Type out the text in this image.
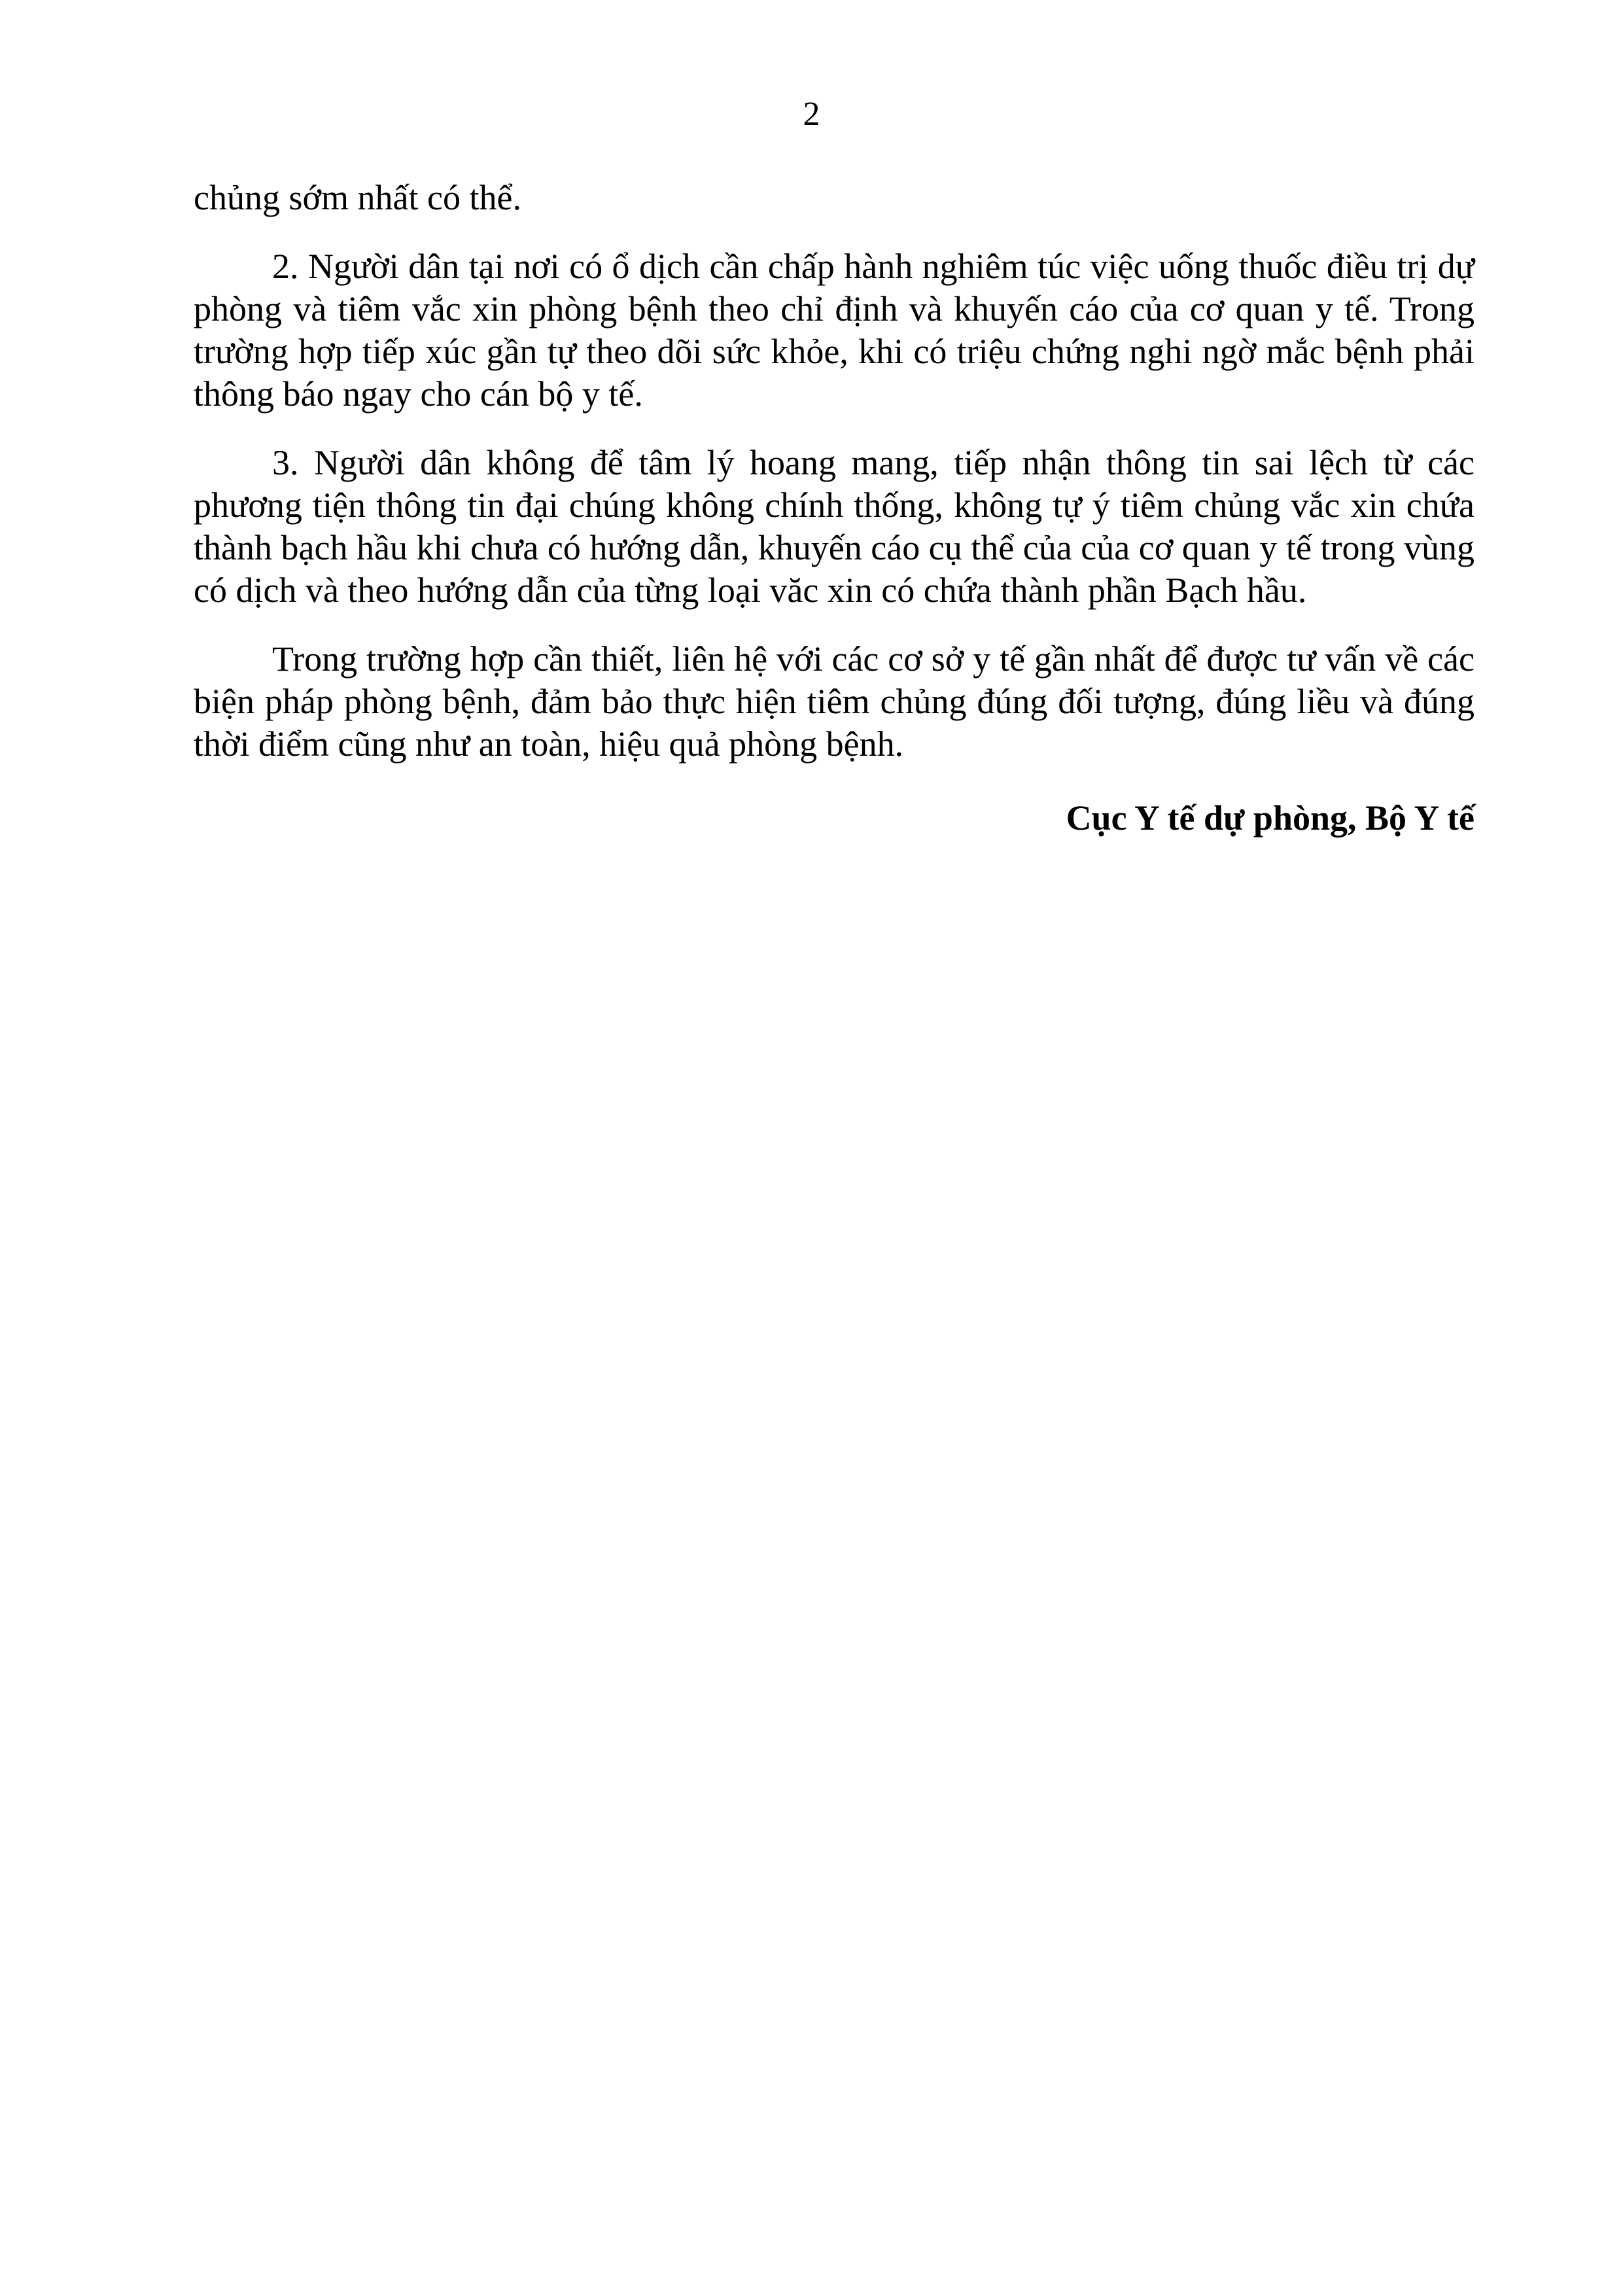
2

chủng sớm nhất có thể.

2. Người dân tại nơi có ổ dịch cần chấp hành nghiêm túc việc uống thuốc điều trị dự phòng và tiêm vắc xin phòng bệnh theo chỉ định và khuyến cáo của cơ quan y tế. Trong trường hợp tiếp xúc gần tự theo dõi sức khỏe, khi có triệu chứng nghi ngờ mắc bệnh phải thông báo ngay cho cán bộ y tế.

3. Người dân không để tâm lý hoang mang, tiếp nhận thông tin sai lệch từ các phương tiện thông tin đại chúng không chính thống, không tự ý tiêm chủng vắc xin chứa thành bạch hầu khi chưa có hướng dẫn, khuyến cáo cụ thể của của cơ quan y tế trong vùng có dịch và theo hướng dẫn của từng loại văc xin có chứa thành phần Bạch hầu.

Trong trường hợp cần thiết, liên hệ với các cơ sở y tế gần nhất để được tư vấn về các biện pháp phòng bệnh, đảm bảo thực hiện tiêm chủng đúng đối tượng, đúng liều và đúng thời điểm cũng như an toàn, hiệu quả phòng bệnh.

Cục Y tế dự phòng, Bộ Y tế
